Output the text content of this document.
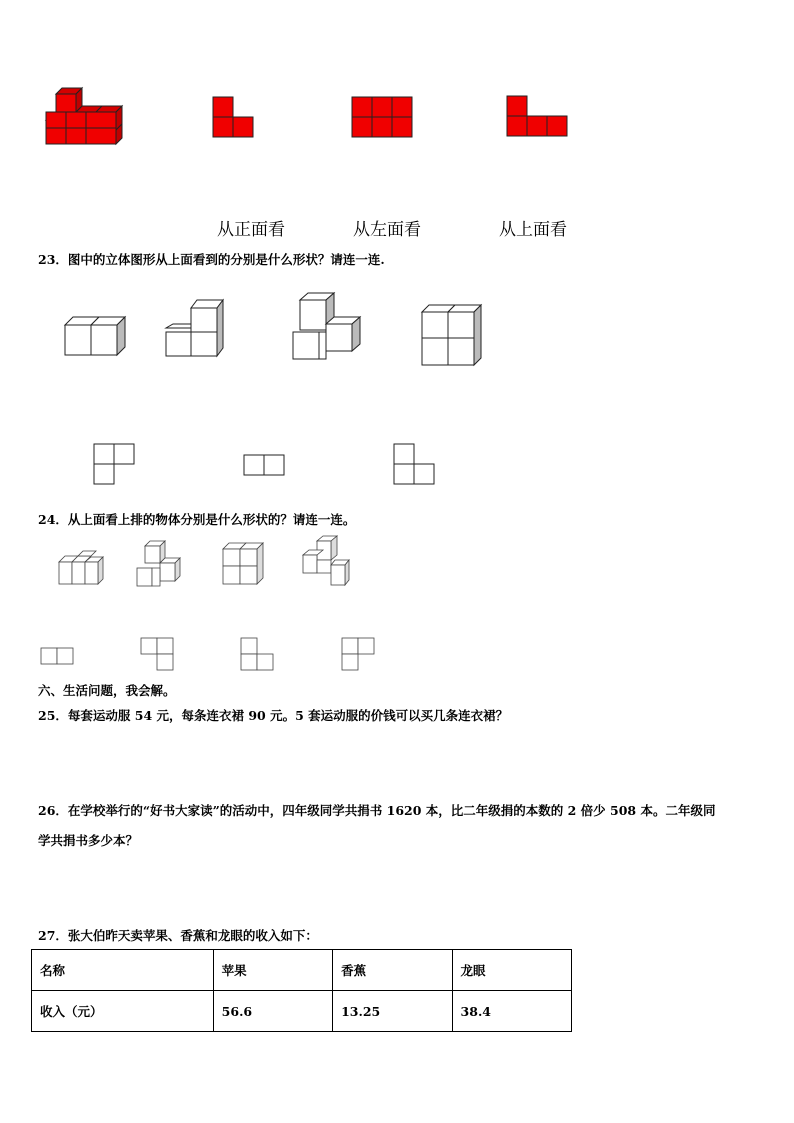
从正面看	从左面看	从上面看
23．图中的立体图形从上面看到的分别是什么形状？请连一连.
24．从上面看上排的物体分别是什么形状的？请连一连。
六、生活问题，我会解。
25．每套运动服 54 元，每条连衣裙 90 元。5 套运动服的价钱可以买几条连衣裙？
26．在学校举行的“好书大家读”的活动中，四年级同学共捐书 1620 本，比二年级捐的本数的 2 倍少 508 本。二年级同
学共捐书多少本？
27．张大伯昨天卖苹果、香蕉和龙眼的收入如下：
名称	苹果	香蕉	龙眼
收入（元）	56.6	13.25	38.4
